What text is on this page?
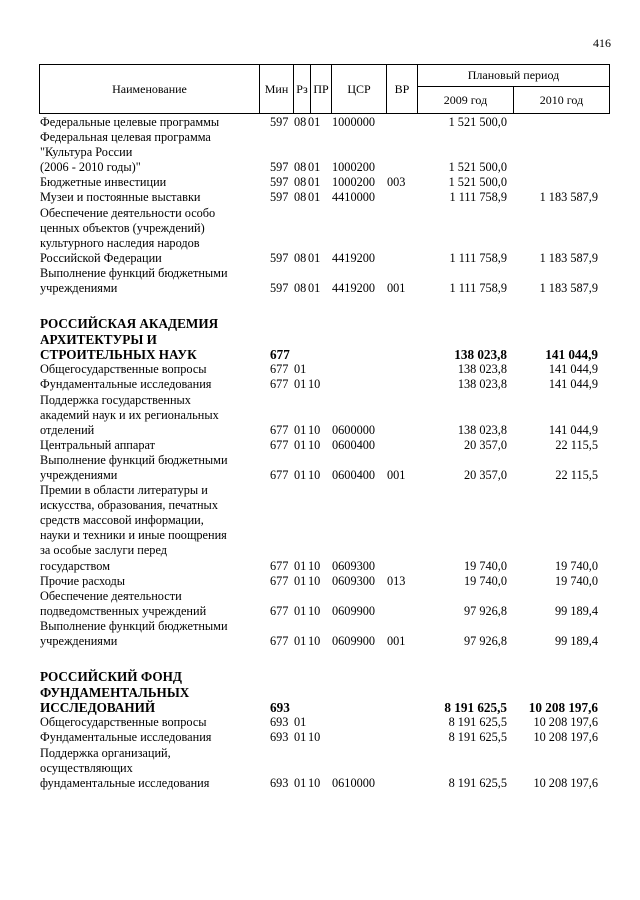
416
Наименование	Мин	Рз	ПР	ЦСР	ВР	Плановый период	
						2009 год	2010 год
Федеральные целевые программы	597 08 01 1000000	1 521 500,0
Федеральная целевая программа
"Культура России
(2006 - 2010 годы)"	597 08 01 1000200	1 521 500,0
Бюджетные инвестиции	597 08 01 1000200 003	1 521 500,0
Музеи и постоянные выставки	597 08 01 4410000	1 111 758,9	1 183 587,9
Обеспечение деятельности особо
ценных объектов (учреждений)
культурного наследия народов
Российской Федерации	597 08 01 4419200	1 111 758,9	1 183 587,9
Выполнение функций бюджетными
учреждениями	597 08 01 4419200 001	1 111 758,9	1 183 587,9
РОССИЙСКАЯ АКАДЕМИЯ
АРХИТЕКТУРЫ И
СТРОИТЕЛЬНЫХ НАУК	677	138 023,8	141 044,9
Общегосударственные вопросы	677 01	138 023,8	141 044,9
Фундаментальные исследования	677 01 10	138 023,8	141 044,9
Поддержка государственных
академий наук и их региональных
отделений	677 01 10 0600000	138 023,8	141 044,9
Центральный аппарат	677 01 10 0600400	20 357,0	22 115,5
Выполнение функций бюджетными
учреждениями	677 01 10 0600400 001	20 357,0	22 115,5
Премии в области литературы и
искусства, образования, печатных
средств массовой информации,
науки и техники и иные поощрения
за особые заслуги перед
государством	677 01 10 0609300	19 740,0	19 740,0
Прочие расходы	677 01 10 0609300 013	19 740,0	19 740,0
Обеспечение деятельности
подведомственных учреждений	677 01 10 0609900	97 926,8	99 189,4
Выполнение функций бюджетными
учреждениями	677 01 10 0609900 001	97 926,8	99 189,4
РОССИЙСКИЙ ФОНД
ФУНДАМЕНТАЛЬНЫХ
ИССЛЕДОВАНИЙ	693	8 191 625,5	10 208 197,6
Общегосударственные вопросы	693 01	8 191 625,5	10 208 197,6
Фундаментальные исследования	693 01 10	8 191 625,5	10 208 197,6
Поддержка организаций,
осуществляющих
фундаментальные исследования	693 01 10 0610000	8 191 625,5	10 208 197,6
